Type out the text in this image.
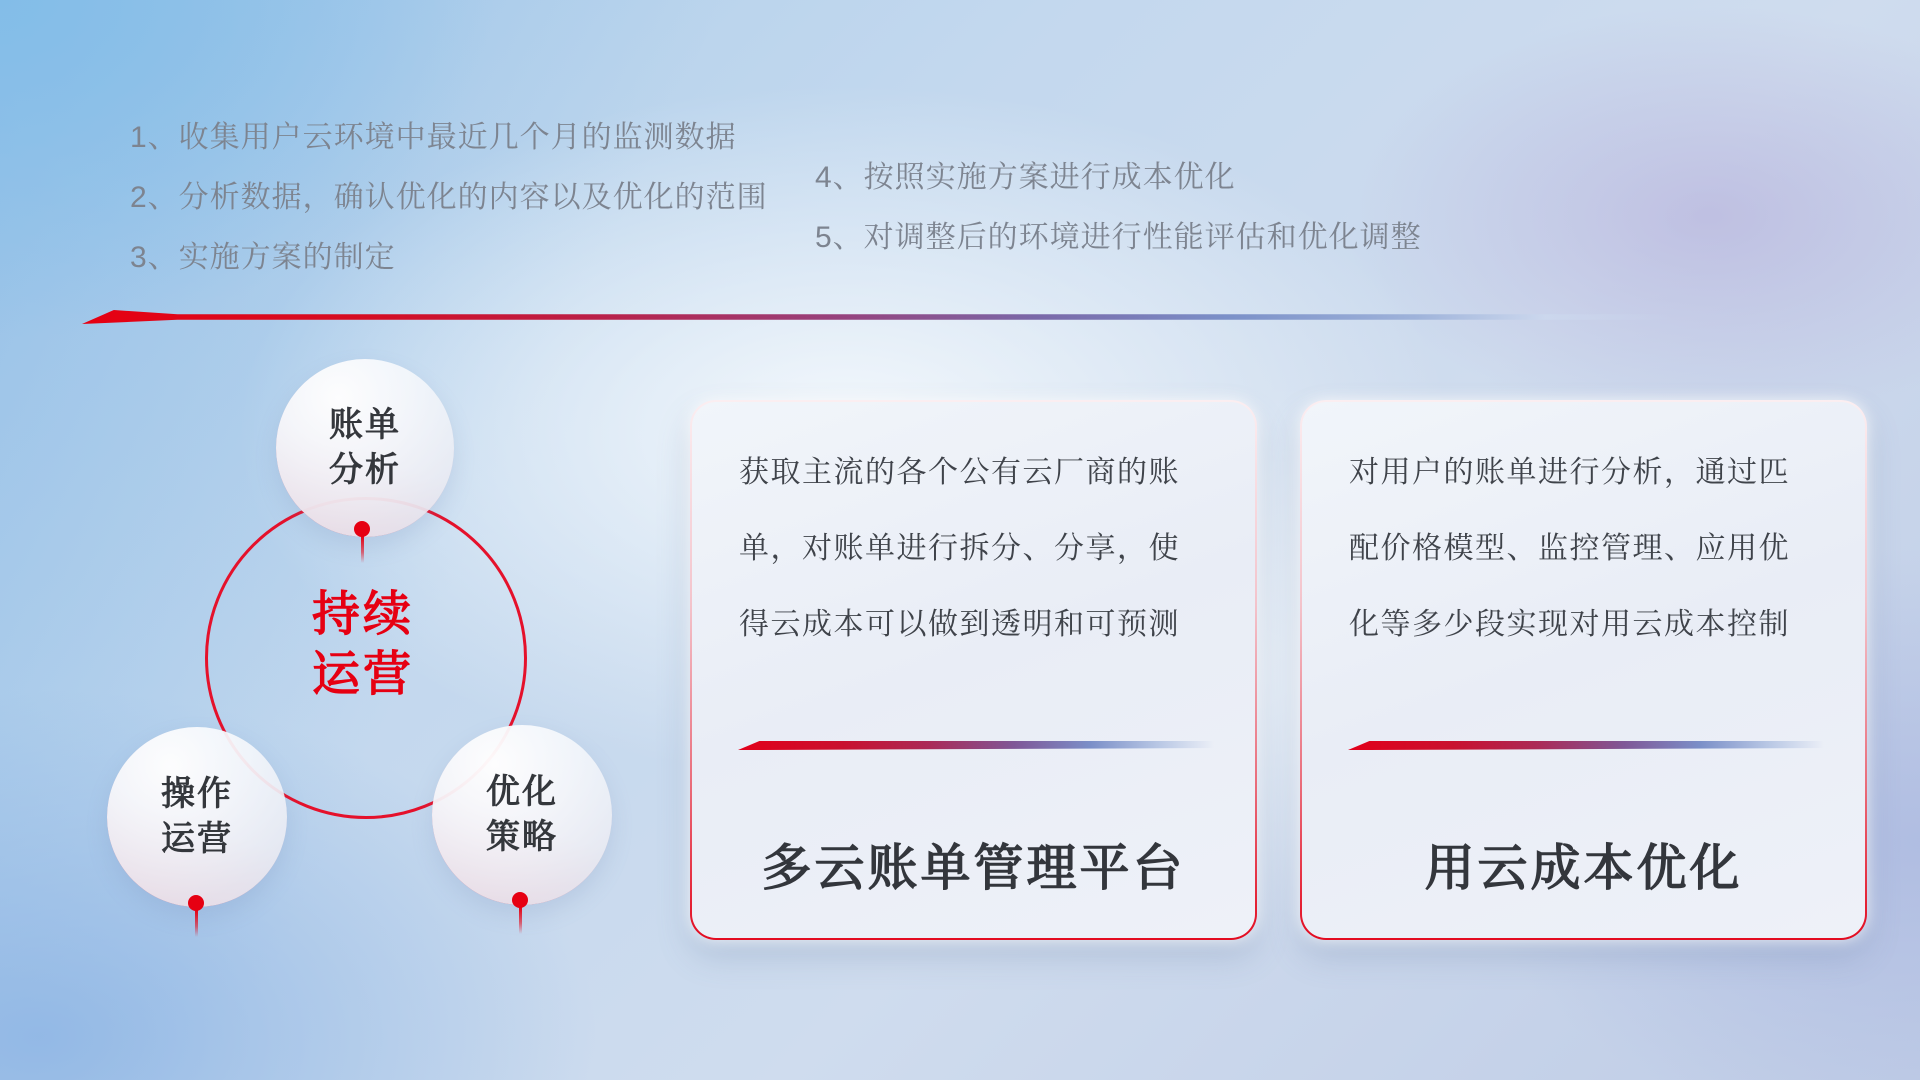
1、收集用户云环境中最近几个月的监测数据
2、分析数据，确认优化的内容以及优化的范围
3、实施方案的制定
4、按照实施方案进行成本优化
5、对调整后的环境进行性能评估和优化调整
账单
分析
操作
运营
优化
策略
持续
运营
获取主流的各个公有云厂商的账
单，对账单进行拆分、分享，使
得云成本可以做到透明和可预测
多云账单管理平台
对用户的账单进行分析，通过匹
配价格模型、监控管理、应用优
化等多少段实现对用云成本控制
用云成本优化
